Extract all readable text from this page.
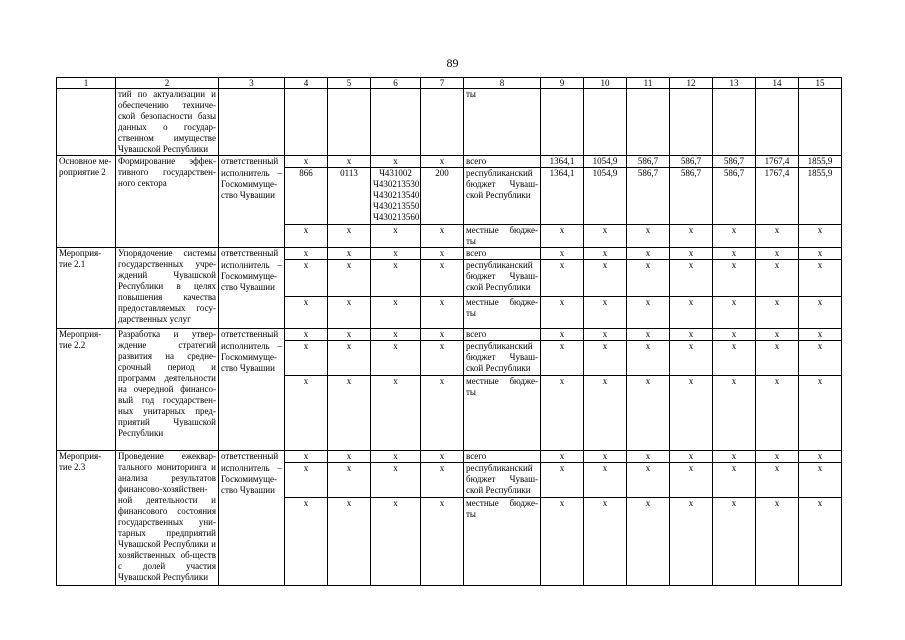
89
1	2	3	4	5	6	7	8	9	10	11	12	13	14	15
	тий по актуализации и обеспечению техниче-ской безопасности базы данных о государ-ственном имуществе Чувашской Республики						ты							
Основное ме-роприятие 2	Формирование эффек-тивного государствен-ного сектора	ответственный	х	х	х	х	всего	1364,1	1054,9	586,7	586,7	586,7	1767,4	1855,9
		исполнитель – Госкомимуще-ство Чувашии	866	0113	Ч431002
Ч430213530
Ч430213540
Ч430213550
Ч430213560	200	республиканский бюджет Чуваш-ской Республики	1364,1	1054,9	586,7	586,7	586,7	1767,4	1855,9
			х	х	х	х	местные бюдже-ты	х	х	х	х	х	х	х
Мероприя-тие 2.1	Упорядочение системы государственных учре-ждений Чувашской Республики в целях повышения качества предоставляемых госу-дарственных услуг	ответственный	х	х	х	х	всего	х	х	х	х	х	х	х
		исполнитель – Госкомимуще-ство Чувашии	х	х	х	х	республиканский бюджет Чуваш-ской Республики	х	х	х	х	х	х	х
			х	х	х	х	местные бюдже-ты	х	х	х	х	х	х	х
Мероприя-тие 2.2	Разработка и утвер-ждение стратегий развития на средне-срочный период и программ деятельности на очередной финансо-вый год государствен-ных унитарных пред-приятий Чувашской Республики	ответственный	х	х	х	х	всего	х	х	х	х	х	х	х
		исполнитель – Госкомимуще-ство Чувашии	х	х	х	х	республиканский бюджет Чуваш-ской Республики	х	х	х	х	х	х	х
			х	х	х	х	местные бюдже-ты	х	х	х	х	х	х	х
Мероприя-тие 2.3	Проведение ежеквар-тального мониторинга и анализа результатов финансово-хозяйствен-ной деятельности и финансового состояния государственных уни-тарных предприятий Чувашской Республики и хозяйственных об-ществ с долей участия Чувашской Республики	ответственный	х	х	х	х	всего	х	х	х	х	х	х	х
		исполнитель – Госкомимуще-ство Чувашии	х	х	х	х	республиканский бюджет Чуваш-ской Республики	х	х	х	х	х	х	х
			х	х	х	х	местные бюдже-ты	х	х	х	х	х	х	х
